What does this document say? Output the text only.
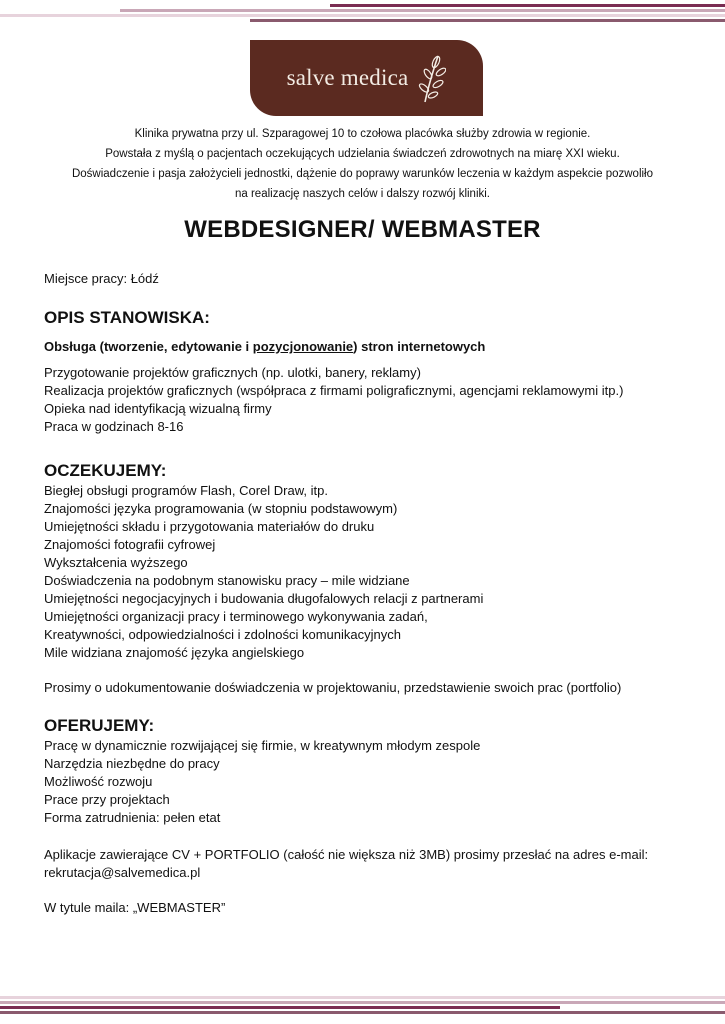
salve medica
Klinika prywatna przy ul. Szparagowej 10 to czołowa placówka służby zdrowia w regionie.
Powstała z myślą o pacjentach oczekujących udzielania świadczeń zdrowotnych na miarę XXI wieku.
Doświadczenie i pasja założycieli jednostki, dążenie do poprawy warunków leczenia w każdym aspekcie pozwoliło
na realizację naszych celów i dalszy rozwój kliniki.
WEBDESIGNER/ WEBMASTER
Miejsce pracy: Łódź
OPIS STANOWISKA:
Obsługa (tworzenie, edytowanie i pozycjonowanie) stron internetowych
Przygotowanie projektów graficznych (np. ulotki, banery, reklamy)
Realizacja projektów graficznych (współpraca z firmami poligraficznymi, agencjami reklamowymi itp.)
Opieka nad identyfikacją wizualną firmy
Praca w godzinach 8-16
OCZEKUJEMY:
Biegłej obsługi programów Flash, Corel Draw, itp.
Znajomości języka programowania (w stopniu podstawowym)
Umiejętności składu i przygotowania materiałów do druku
Znajomości fotografii cyfrowej
Wykształcenia wyższego
Doświadczenia na podobnym stanowisku pracy – mile widziane
Umiejętności negocjacyjnych i budowania długofalowych relacji z partnerami
Umiejętności organizacji pracy i terminowego wykonywania zadań,
Kreatywności, odpowiedzialności i zdolności komunikacyjnych
Mile widziana znajomość języka angielskiego
Prosimy o udokumentowanie doświadczenia w projektowaniu, przedstawienie swoich prac (portfolio)
OFERUJEMY:
Pracę w dynamicznie rozwijającej się firmie, w kreatywnym młodym zespole
Narzędzia niezbędne do pracy
Możliwość rozwoju
Prace przy projektach
Forma zatrudnienia: pełen etat
Aplikacje zawierające CV + PORTFOLIO (całość nie większa niż 3MB) prosimy przesłać na adres e-mail:
rekrutacja@salvemedica.pl
W tytule maila: „WEBMASTER”
